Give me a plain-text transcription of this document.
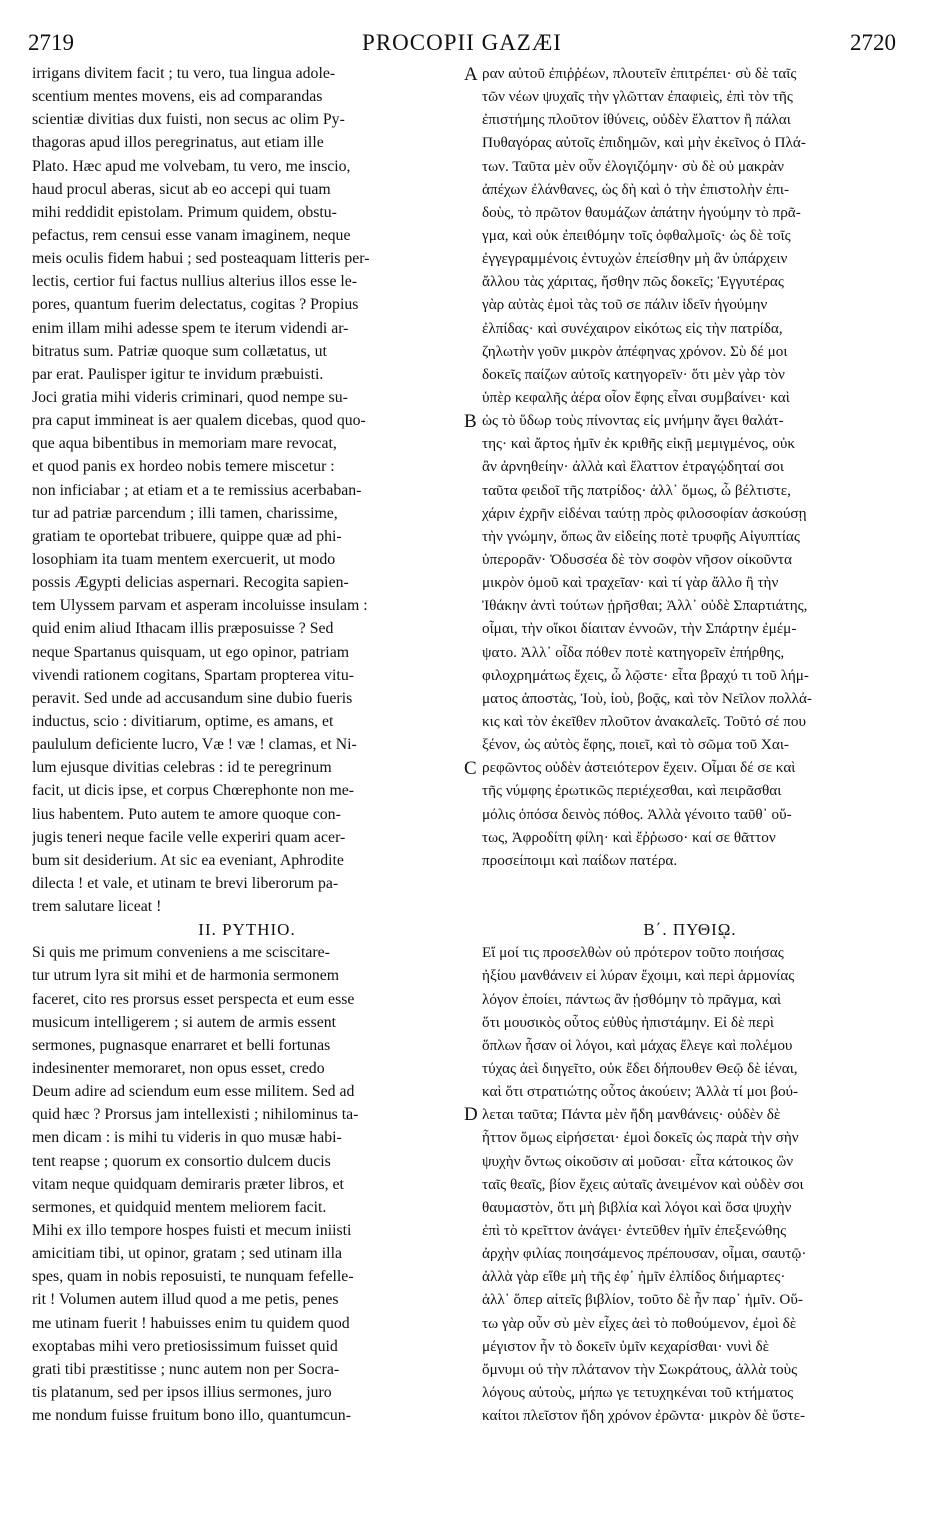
2719	PROCOPII GAZÆI	2720
irrigans divitem facit ; tu vero, tua lingua adole-
scentium mentes movens, eis ad comparandas
scientiæ divitias dux fuisti, non secus ac olim Py-
thagoras apud illos peregrinatus, aut etiam ille
Plato. Hæc apud me volvebam, tu vero, me inscio,
haud procul aberas, sicut ab eo accepi qui tuam
mihi reddidit epistolam. Primum quidem, obstu-
pefactus, rem censui esse vanam imaginem, neque
meis oculis fidem habui ; sed posteaquam litteris per-
lectis, certior fui factus nullius alterius illos esse le-
pores, quantum fuerim delectatus, cogitas ? Propius
enim illam mihi adesse spem te iterum videndi ar-
bitratus sum. Patriæ quoque sum collætatus, ut
par erat. Paulisper igitur te invidum præbuisti.
Joci gratia mihi videris criminari, quod nempe su-
pra caput immineat is aer qualem dicebas, quod quo-
que aqua bibentibus in memoriam mare revocat,
et quod panis ex hordeo nobis temere miscetur :
non inficiabar ; at etiam et a te remissius acerbaban-
tur ad patriæ parcendum ; illi tamen, charissime,
gratiam te oportebat tribuere, quippe quæ ad phi-
losophiam ita tuam mentem exercuerit, ut modo
possis Ægypti delicias aspernari. Recogita sapien-
tem Ulyssem parvam et asperam incoluisse insulam :
quid enim aliud Ithacam illis præposuisse ? Sed
neque Spartanus quisquam, ut ego opinor, patriam
vivendi rationem cogitans, Spartam propterea vitu-
peravit. Sed unde ad accusandum sine dubio fueris
inductus, scio : divitiarum, optime, es amans, et
paululum deficiente lucro, Væ ! væ ! clamas, et Ni-
lum ejusque divitias celebras : id te peregrinum
facit, ut dicis ipse, et corpus Chœrephonte non me-
lius habentem. Puto autem te amore quoque con-
jugis teneri neque facile velle experiri quam acer-
bum sit desiderium. At sic ea eveniant, Aphrodite
dilecta ! et vale, et utinam te brevi liberorum pa-
trem salutare liceat !
II. PYTHIO.
Si quis me primum conveniens a me sciscitare-
tur utrum lyra sit mihi et de harmonia sermonem
faceret, cito res prorsus esset perspecta et eum esse
musicum intelligerem ; si autem de armis essent
sermones, pugnasque enarraret et belli fortunas
indesinenter memoraret, non opus esset, credo
Deum adire ad sciendum eum esse militem. Sed ad
quid hæc ? Prorsus jam intellexisti ; nihilominus ta-
men dicam : is mihi tu videris in quo musæ habi-
tent reapse ; quorum ex consortio dulcem ducis
vitam neque quidquam demiraris præter libros, et
sermones, et quidquid mentem meliorem facit.
Mihi ex illo tempore hospes fuisti et mecum iniisti
amicitiam tibi, ut opinor, gratam ; sed utinam illa
spes, quam in nobis reposuisti, te nunquam fefelle-
rit ! Volumen autem illud quod a me petis, penes
me utinam fuerit ! habuisses enim tu quidem quod
exoptabas mihi vero pretiosissimum fuisset quid
grati tibi præstitisse ; nunc autem non per Socra-
tis platanum, sed per ipsos illius sermones, juro
me nondum fuisse fruitum bono illo, quantumcun-
ραν αὐτοῦ ἐπιῤῥέων, πλουτεῖν ἐπιτρέπει· σὺ δὲ ταῖς
τῶν νέων ψυχαῖς τὴν γλῶτταν ἐπαφιεὶς, ἐπὶ τὸν τῆς
ἐπιστήμης πλοῦτον ἰθύνεις, οὐδὲν ἔλαττον ἢ πάλαι
Πυθαγόρας αὐτοῖς ἐπιδημῶν, καὶ μὴν ἐκεῖνος ὁ Πλά-
των. Ταῦτα μὲν οὖν ἐλογιζόμην· σὺ δὲ οὐ μακρὰν
ἀπέχων ἐλάνθανες, ὡς δὴ καὶ ὁ τὴν ἐπιστολὴν ἐπι-
δοὺς, τὸ πρῶτον θαυμάζων ἀπάτην ἡγούμην τὸ πρᾶ-
γμα, καὶ οὐκ ἐπειθόμην τοῖς ὀφθαλμοῖς· ὡς δὲ τοῖς
ἐγγεγραμμένοις ἐντυχὼν ἐπείσθην μὴ ἂν ὑπάρχειν
ἄλλου τὰς χάριτας, ἤσθην πῶς δοκεῖς; Ἐγγυτέρας
γὰρ αὐτὰς ἐμοὶ τὰς τοῦ σε πάλιν ἰδεῖν ἡγούμην
ἐλπίδας· καὶ συνέχαιρον εἰκότως εἰς τὴν πατρίδα,
ζηλωτὴν γοῦν μικρὸν ἀπέφηνας χρόνον. Σὺ δέ μοι
δοκεῖς παίζων αὐτοῖς κατηγορεῖν· ὅτι μὲν γὰρ τὸν
ὑπὲρ κεφαλῆς ἀέρα οἷον ἔφης εἶναι συμβαίνει· καὶ
ὡς τὸ ὕδωρ τοὺς πίνοντας εἰς μνήμην ἄγει θαλάτ-
της· καὶ ἄρτος ἡμῖν ἐκ κριθῆς εἰκῇ μεμιγμένος, οὐκ
ἂν ἀρνηθείην· ἀλλὰ καὶ ἔλαττον ἐτραγῴδηταί σοι
ταῦτα φειδοῖ τῆς πατρίδος· ἀλλ᾽ ὅμως, ὦ βέλτιστε,
χάριν ἐχρῆν εἰδέναι ταύτῃ πρὸς φιλοσοφίαν ἀσκούσῃ
τὴν γνώμην, ὅπως ἂν εἰδείης ποτὲ τρυφῆς Αἰγυπτίας
ὑπερορᾶν· Ὀδυσσέα δὲ τὸν σοφὸν νῆσον οἰκοῦντα
μικρὸν ὁμοῦ καὶ τραχεῖαν· καὶ τί γὰρ ἄλλο ἢ τὴν
Ἰθάκην ἀντὶ τούτων ᾑρῆσθαι; Ἀλλ᾽ οὐδὲ Σπαρτιάτης,
οἶμαι, τὴν οἴκοι δίαιταν ἐννοῶν, τὴν Σπάρτην ἐμέμ-
ψατο. Ἀλλ᾽ οἶδα πόθεν ποτὲ κατηγορεῖν ἐπήρθης,
φιλοχρημάτως ἔχεις, ὦ λῷστε· εἶτα βραχύ τι τοῦ λήμ-
ματος ἀποστὰς, Ἰοὺ, ἰοὺ, βοᾷς, καὶ τὸν Νεῖλον πολλά-
κις καὶ τὸν ἐκεῖθεν πλοῦτον ἀνακαλεῖς. Τοῦτό σέ που
ξένον, ὡς αὐτὸς ἔφης, ποιεῖ, καὶ τὸ σῶμα τοῦ Χαι-
ρεφῶντος οὐδὲν ἀστειότερον ἔχειν. Οἶμαι δέ σε καὶ
τῆς νύμφης ἐρωτικῶς περιέχεσθαι, καὶ πειρᾶσθαι
μόλις ὁπόσα δεινὸς πόθος. Ἀλλὰ γένοιτο ταῦθ᾽ οὕ-
τως, Ἀφροδίτη φίλη· καὶ ἔῤῥωσο· καί σε θᾶττον
προσείποιμι καὶ παίδων πατέρα.
Β΄. ΠΥΘΙῼ.
Εἴ μοί τις προσελθὼν οὐ πρότερον τοῦτο ποιήσας
ἠξίου μανθάνειν εἰ λύραν ἔχοιμι, καὶ περὶ ἁρμονίας
λόγον ἐποίει, πάντως ἂν ᾐσθόμην τὸ πρᾶγμα, καὶ
ὅτι μουσικὸς οὗτος εὐθὺς ἠπιστάμην. Εἰ δὲ περὶ
ὅπλων ἦσαν οἱ λόγοι, καὶ μάχας ἔλεγε καὶ πολέμου
τύχας ἀεὶ διηγεῖτο, οὐκ ἔδει δήπουθεν Θεῷ δὲ ἰέναι,
καὶ ὅτι στρατιώτης οὗτος ἀκούειν; Ἀλλὰ τί μοι βού-
λεται ταῦτα; Πάντα μὲν ἤδη μανθάνεις· οὐδὲν δὲ
ἧττον ὅμως εἰρήσεται· ἐμοὶ δοκεῖς ὡς παρὰ τὴν σὴν
ψυχὴν ὄντως οἰκοῦσιν αἱ μοῦσαι· εἶτα κάτοικος ὢν
ταῖς θεαῖς, βίον ἔχεις αὐταῖς ἀνειμένον καὶ οὐδὲν σοι
θαυμαστὸν, ὅτι μὴ βιβλία καὶ λόγοι καὶ ὅσα ψυχὴν
ἐπὶ τὸ κρεῖττον ἀνάγει· ἐντεῦθεν ἡμῖν ἐπεξενώθης
ἀρχὴν φιλίας ποιησάμενος πρέπουσαν, οἶμαι, σαυτῷ·
ἀλλὰ γὰρ εἴθε μὴ τῆς ἐφ᾽ ἡμῖν ἐλπίδος διήμαρτες·
ἀλλ᾽ ὅπερ αἰτεῖς βιβλίον, τοῦτο δὲ ἦν παρ᾽ ἡμῖν. Οὕ-
τω γὰρ οὖν σὺ μὲν εἶχες ἀεὶ τὸ ποθούμενον, ἐμοὶ δὲ
μέγιστον ἦν τὸ δοκεῖν ὑμῖν κεχαρίσθαι· νυνὶ δὲ
ὄμνυμι οὐ τὴν πλάτανον τὴν Σωκράτους, ἀλλὰ τοὺς
λόγους αὐτοὺς, μήπω γε τετυχηκέναι τοῦ κτήματος
καίτοι πλεῖστον ἤδη χρόνον ἐρῶντα· μικρὸν δὲ ὕστε-
A
B
C
D
